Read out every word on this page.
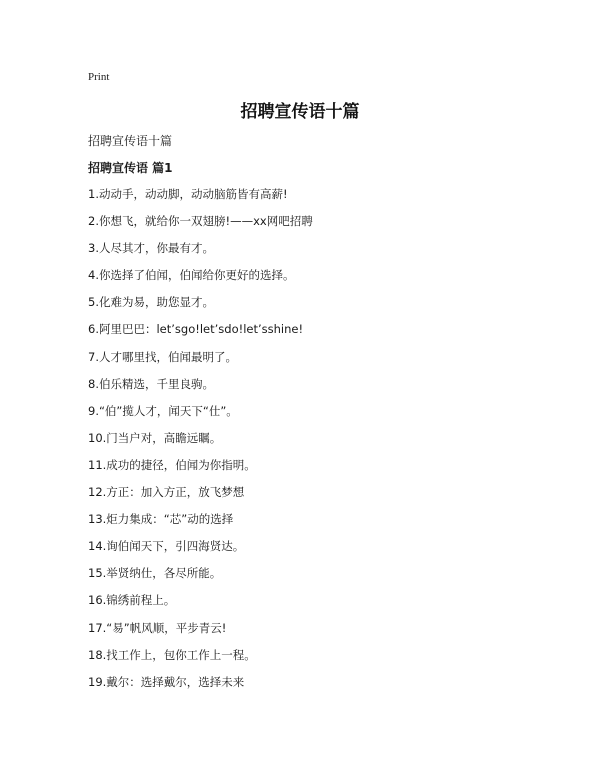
Print
招聘宣传语十篇
招聘宣传语十篇
招聘宣传语 篇1
1.动动手，动动脚，动动脑筋皆有高薪!
2.你想飞，就给你一双翅膀!——xx网吧招聘
3.人尽其才，你最有才。
4.你选择了伯闻，伯闻给你更好的选择。
5.化难为易，助您显才。
6.阿里巴巴：let’sgo!let’sdo!let’sshine!
7.人才哪里找，伯闻最明了。
8.伯乐精选，千里良驹。
9.“伯”揽人才，闻天下“仕”。
10.门当户对，高瞻远瞩。
11.成功的捷径，伯闻为你指明。
12.方正：加入方正，放飞梦想
13.炬力集成：“芯”动的选择
14.询伯闻天下，引四海贤达。
15.举贤纳仕，各尽所能。
16.锦绣前程上。
17.“易”帆风顺，平步青云!
18.找工作上，包你工作上一程。
19.戴尔：选择戴尔，选择未来
